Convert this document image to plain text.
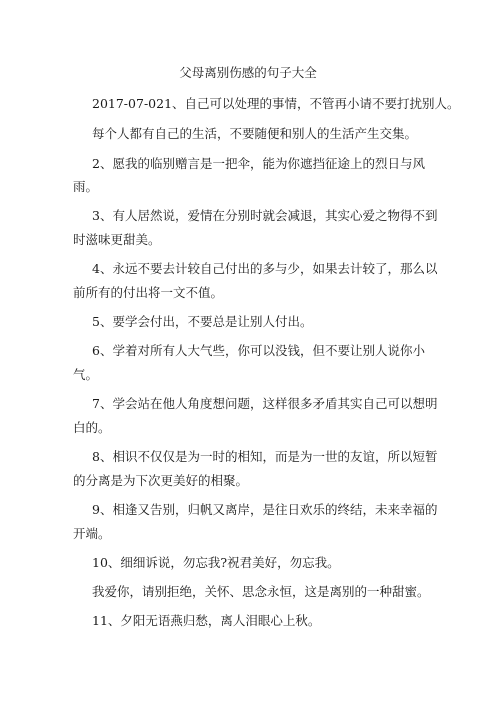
父母离别伤感的句子大全
2017-07-021、自己可以处理的事情，不管再小请不要打扰别人。
每个人都有自己的生活，不要随便和别人的生活产生交集。
2、愿我的临别赠言是一把伞，能为你遮挡征途上的烈日与风
雨。
3、有人居然说，爱情在分别时就会减退，其实心爱之物得不到
时滋味更甜美。
4、永远不要去计较自己付出的多与少，如果去计较了，那么以
前所有的付出将一文不值。
5、要学会付出，不要总是让别人付出。
6、学着对所有人大气些，你可以没钱，但不要让别人说你小
气。
7、学会站在他人角度想问题，这样很多矛盾其实自己可以想明
白的。
8、相识不仅仅是为一时的相知，而是为一世的友谊，所以短暂
的分离是为下次更美好的相聚。
9、相逢又告别，归帆又离岸，是往日欢乐的终结，未来幸福的
开端。
10、细细诉说，勿忘我?祝君美好，勿忘我。
我爱你，请别拒绝，关怀、思念永恒，这是离别的一种甜蜜。
11、夕阳无语燕归愁，离人泪眼心上秋。
